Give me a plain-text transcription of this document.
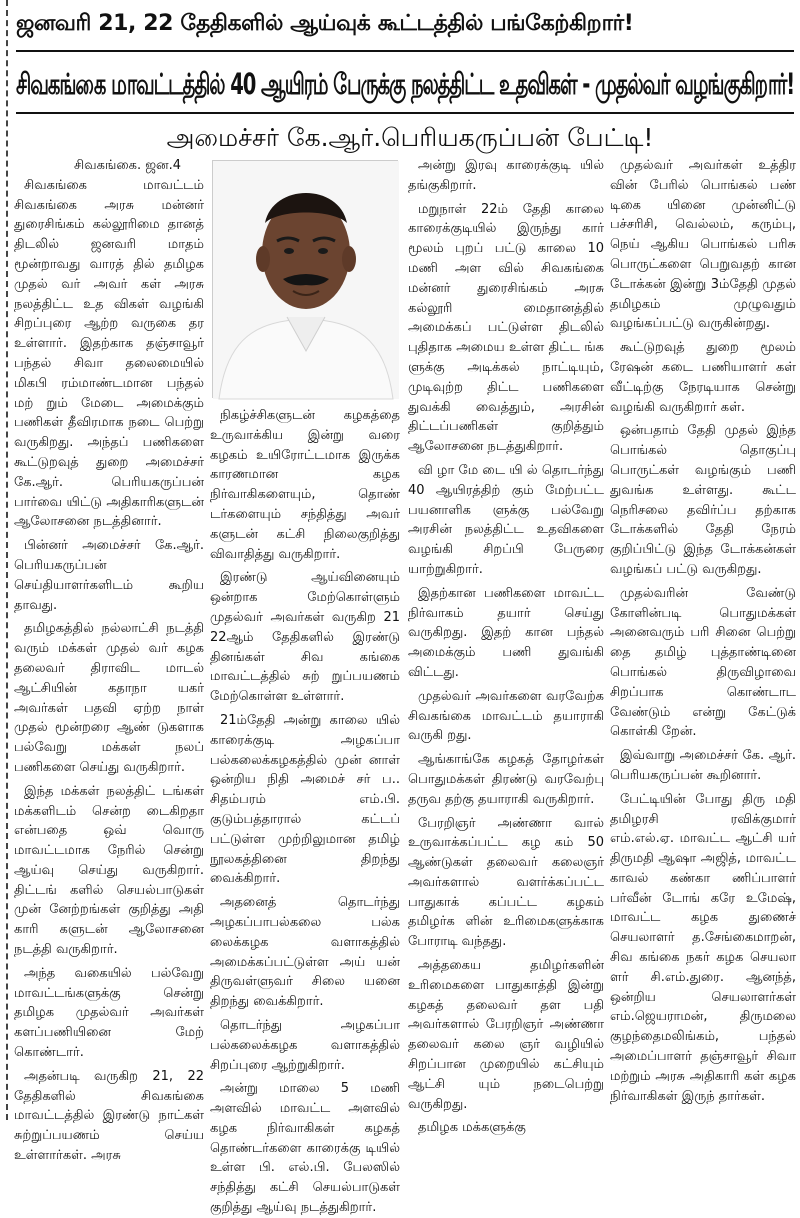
ஜனவரி 21, 22 தேதிகளில் ஆய்வுக் கூட்டத்தில் பங்கேற்கிறார்!
சிவகங்கை மாவட்டத்தில் 40 ஆயிரம் பேருக்கு நலத்திட்ட உதவிகள் - முதல்வர் வழங்குகிறார்!
அமைச்சர் கே.ஆர்.பெரியகருப்பன் பேட்டி!

சிவகங்கை. ஜன.4

சிவகங்கை மாவட்டம் சிவகங்கை அரசு மன்னர் துரைசிங்கம் கல்லூரிமை தானத் திடலில் ஜனவரி மாதம் மூன்றாவது வாரத் தில் தமிழக முதல் வர் அவர் கள் அரசு நலத்திட்ட உத விகள் வழங்கி சிறப்புரை ஆற்ற வருகை தர உள்ளார். இதற்காக தஞ்சாவூர் பந்தல் சிவா தலைமையில் மிகபி ரம்மாண்டமான பந்தல் மற் றும் மேடை அமைக்கும் பணிகள் தீவிரமாக நடை பெற்று வருகிறது. அந்தப் பணிகளை கூட்டுறவுத் துறை அமைச்சர் கே.ஆர். பெரியகருப்பன் பார்வை யிட்டு அதிகாரிகளுடன் ஆலோசனை நடத்தினார்.

பின்னர் அமைச்சர் கே.ஆர். பெரியகருப்பன் செய்தியாளர்களிடம் கூறிய தாவது.

தமிழகத்தில் நல்லாட்சி நடத்தி வரும் மக்கள் முதல் வர் கழக தலைவர் திராவிட மாடல் ஆட்சியின் கதாநா யகர் அவர்கள் பதவி ஏற்ற நாள் முதல் மூன்றரை ஆண் டுகளாக பல்வேறு மக்கள் நலப் பணிகளை செய்து வருகிறார்.

இந்த மக்கள் நலத்திட் டங்கள் மக்களிடம் சென்ற டைகிறதா என்பதை ஒவ் வொரு மாவட்டமாக நேரில் சென்று ஆய்வு செய்து வருகிறார். திட்டங் களில் செயல்பாடுகள் முன் னேற்றங்கள் குறித்து அதி காரி களுடன் ஆலோசனை நடத்தி வருகிறார்.

அந்த வகையில் பல்வேறு மாவட்டங்களுக்கு சென்று தமிழக முதல்வர் அவர்கள் களப்பணியினை மேற் கொண்டார்.

அதன்படி வருகிற 21, 22 தேதிகளில் சிவகங்கை மாவட்டத்தில் இரண்டு நாட்கள் சுற்றுப்பயணம் செய்ய உள்ளார்கள். அரசு

நிகழ்ச்சிகளுடன் கழகத்தை உருவாக்கிய இன்று வரை கழகம் உயிரோட்டமாக இருக்க காரணமான கழக நிர்வாகிகளையும், தொண் டர்களையும் சந்தித்து அவர் களுடன் கட்சி நிலைகுறித்து விவாதித்து வருகிறார்.

இரண்டு ஆய்வினையும் ஒன்றாக மேற்கொள்ளும் முதல்வர் அவர்கள் வருகிற 21 22ஆம் தேதிகளில் இரண்டு தினங்கள் சிவ கங்கை மாவட்டத்தில் சுற் றுப்பயணம் மேற்கொள்ள உள்ளார்.

21ம்தேதி அன்று காலை யில் காரைக்குடி அழகப்பா பல்கலைக்கழகத்தில் முன் னாள் ஒன்றிய நிதி அமைச் சர் ப.. சிதம்பரம் எம்.பி. குடும்பத்தாரால் கட்டப் பட்டுள்ள முற்றிலுமான தமிழ் நூலகத்தினை திறந்து வைக்கிறார்.

அதனைத் தொடர்ந்து அழகப்பாபல்கலை பல்க லைக்கழக வளாகத்தில் அமைக்கப்பட்டுள்ள அய் யன் திருவள்ளுவர் சிலை யனை திறந்து வைக்கிறார்.

தொடர்ந்து அழகப்பா பல்கலைக்கழக வளாகத்தில் சிறப்புரை ஆற்றுகிறார்.

அன்று மாலை 5 மணி அளவில் மாவட்ட அளவில் கழக நிர்வாகிகள் கழகத் தொண்டர்களை காரைக்கு டியில் உள்ள பி. எல்.பி. பேலஸில் சந்தித்து கட்சி செயல்பாடுகள் குறித்து ஆய்வு நடத்துகிறார்.

அன்று இரவு காரைக்குடி யில் தங்குகிறார்.

மறுநாள் 22ம் தேதி காலை காரைக்குடியில் இருந்து கார் மூலம் புறப் பட்டு காலை 10 மணி அள வில் சிவகங்கை மன்னர் துரைசிங்கம் அரசு கல்லூரி மைதானத்தில் அமைக்கப் பட்டுள்ள திடலில் புதிதாக அமைய உள்ள திட்ட ங்க ளுக்கு அடிக்கல் நாட்டியும், முடிவுற்ற திட்ட பணிகளை துவக்கி வைத்தும், அரசின் திட்டப்பணிகள் குறித்தும் ஆலோசனை நடத்துகிறார்.

வி ழா மே டை யி ல் தொடர்ந்து 40 ஆயிரத்திற் கும் மேற்பட்ட பயனாளிக ளுக்கு பல்வேறு அரசின் நலத்திட்ட உதவிகளை வழங்கி சிறப்பி பேருரை யாற்றுகிறார்.

இதற்கான பணிகளை மாவட்ட நிர்வாகம் தயார் செய்து வருகிறது. இதற் கான பந்தல் அமைக்கும் பணி துவங்கி விட்டது.

முதல்வர் அவர்களை வரவேற்க சிவகங்கை மாவட்டம் தயாராகி வருகி றது.

ஆங்காங்கே கழகத் தோழர்கள் பொதுமக்கள் திரண்டு வரவேற்பு தருவ தற்கு தயாராகி வருகிறார்.

பேரறிஞர் அண்ணா வால் உருவாக்கப்பட்ட கழ கம் 50 ஆண்டுகள் தலைவர் கலைஞர் அவர்களால் வளர்க்கப்பட்ட பாதுகாக் கப்பட்ட கழகம் தமிழர்க ளின் உரிமைகளுக்காக போராடி வந்தது.

அத்தகைய தமிழர்களின் உரிமைகளை பாதுகாத்தி இன்று கழகத் தலைவர் தள பதி அவர்களால் பேரறிஞர் அண்ணா தலைவர் கலை ஞர் வழியில் சிறப்பான முறையில் கட்சியும் ஆட்சி யும் நடைபெற்று வருகிறது.

தமிழக மக்களுக்கு

முதல்வர் அவர்கள் உத்திர வின் பேரில் பொங்கல் பண் டிகை யினை முன்னிட்டு பச்சரிசி, வெல்லம், கரும்பு, நெய் ஆகிய பொங்கல் பரிசு பொருட்களை பெறுவதற் கான டோக்கன் இன்று 3ம்தேதி முதல் தமிழகம் முழுவதும் வழங்கப்பட்டு வருகின்றது.

கூட்டுறவுத் துறை மூலம் ரேஷன் கடை பணியாளர் கள் வீட்டிற்கு நேரடியாக சென்று வழங்கி வருகிறார் கள்.

ஒன்பதாம் தேதி முதல் இந்த பொங்கல் தொகுப்பு பொருட்கள் வழங்கும் பணி துவங்க உள்ளது. கூட்ட நெரிசலை தவிர்ப்ப தற்காக டோக்களில் தேதி நேரம் குறிப்பிட்டு இந்த டோக்கன்கள் வழங்கப் பட்டு வருகிறது.

முதல்வரின் வேண்டு கோளின்படி பொதுமக்கள் அனைவரும் பரி சினை பெற்று தை தமிழ் புத்தாண்டினை பொங்கல் திருவிழாவை சிறப்பாக கொண்டாட வேண்டும் என்று கேட்டுக் கொள்கி றேன்.

இவ்வாறு அமைச்சர் கே. ஆர். பெரியகருப்பன் கூறினார்.

பேட்டியின் போது திரு மதி தமிழரசி ரவிக்குமார் எம்.எல்.ஏ. மாவட்ட ஆட்சி யர் திருமதி ஆஷா அஜித், மாவட்ட காவல் கண்கா ணிப்பாளர் பர்வீன் டோங் கரே உமேஷ், மாவட்ட கழக துணைச் செயலாளர் த.சேங்கைமாறன், சிவ கங்கை நகர் கழக செயலா ளர் சி.எம்.துரை. ஆனந்த், ஒன்றிய செயலாளர்கள் எம்.ஜெயராமன், திருமலை குழந்தைமலிங்கம், பந்தல் அமைப்பாளர் தஞ்சாவூர் சிவா மற்றும் அரசு அதிகாரி கள் கழக நிர்வாகிகள் இருந் தார்கள்.
